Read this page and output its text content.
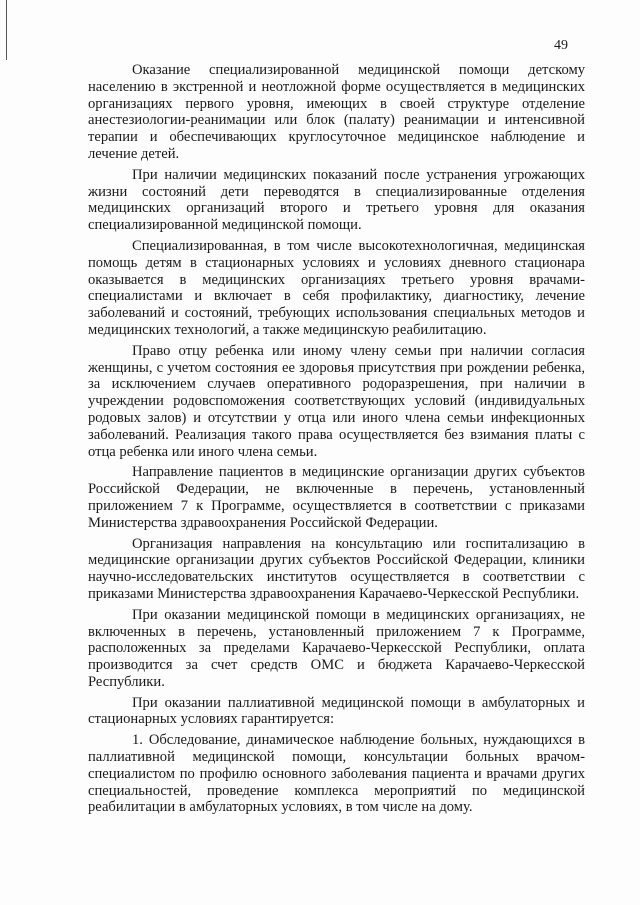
49

Оказание специализированной медицинской помощи детскому населению в экстренной и неотложной форме осуществляется в медицинских организациях первого уровня, имеющих в своей структуре отделение анестезиологии-реанимации или блок (палату) реанимации и интенсивной терапии и обеспечивающих круглосуточное медицинское наблюдение и лечение детей.

При наличии медицинских показаний после устранения угрожающих жизни состояний дети переводятся в специализированные отделения медицинских организаций второго и третьего уровня для оказания специализированной медицинской помощи.

Специализированная, в том числе высокотехнологичная, медицинская помощь детям в стационарных условиях и условиях дневного стационара оказывается в медицинских организациях третьего уровня врачами-специалистами и включает в себя профилактику, диагностику, лечение заболеваний и состояний, требующих использования специальных методов и медицинских технологий, а также медицинскую реабилитацию.

Право отцу ребенка или иному члену семьи при наличии согласия женщины, с учетом состояния ее здоровья присутствия при рождении ребенка, за исключением случаев оперативного родоразрешения, при наличии в учреждении родовспоможения соответствующих условий (индивидуальных родовых залов) и отсутствии у отца или иного члена семьи инфекционных заболеваний. Реализация такого права осуществляется без взимания платы с отца ребенка или иного члена семьи.

Направление пациентов в медицинские организации других субъектов Российской Федерации, не включенные в перечень, установленный приложением 7 к Программе, осуществляется в соответствии с приказами Министерства здравоохранения Российской Федерации.

Организация направления на консультацию или госпитализацию в медицинские организации других субъектов Российской Федерации, клиники научно-исследовательских институтов осуществляется в соответствии с приказами Министерства здравоохранения Карачаево-Черкесской Республики.

При оказании медицинской помощи в медицинских организациях, не включенных в перечень, установленный приложением 7 к Программе, расположенных за пределами Карачаево-Черкесской Республики, оплата производится за счет средств ОМС и бюджета Карачаево-Черкесской Республики.

При оказании паллиативной медицинской помощи в амбулаторных и стационарных условиях гарантируется:

1. Обследование, динамическое наблюдение больных, нуждающихся в паллиативной медицинской помощи, консультации больных врачом-специалистом по профилю основного заболевания пациента и врачами других специальностей, проведение комплекса мероприятий по медицинской реабилитации в амбулаторных условиях, в том числе на дому.
